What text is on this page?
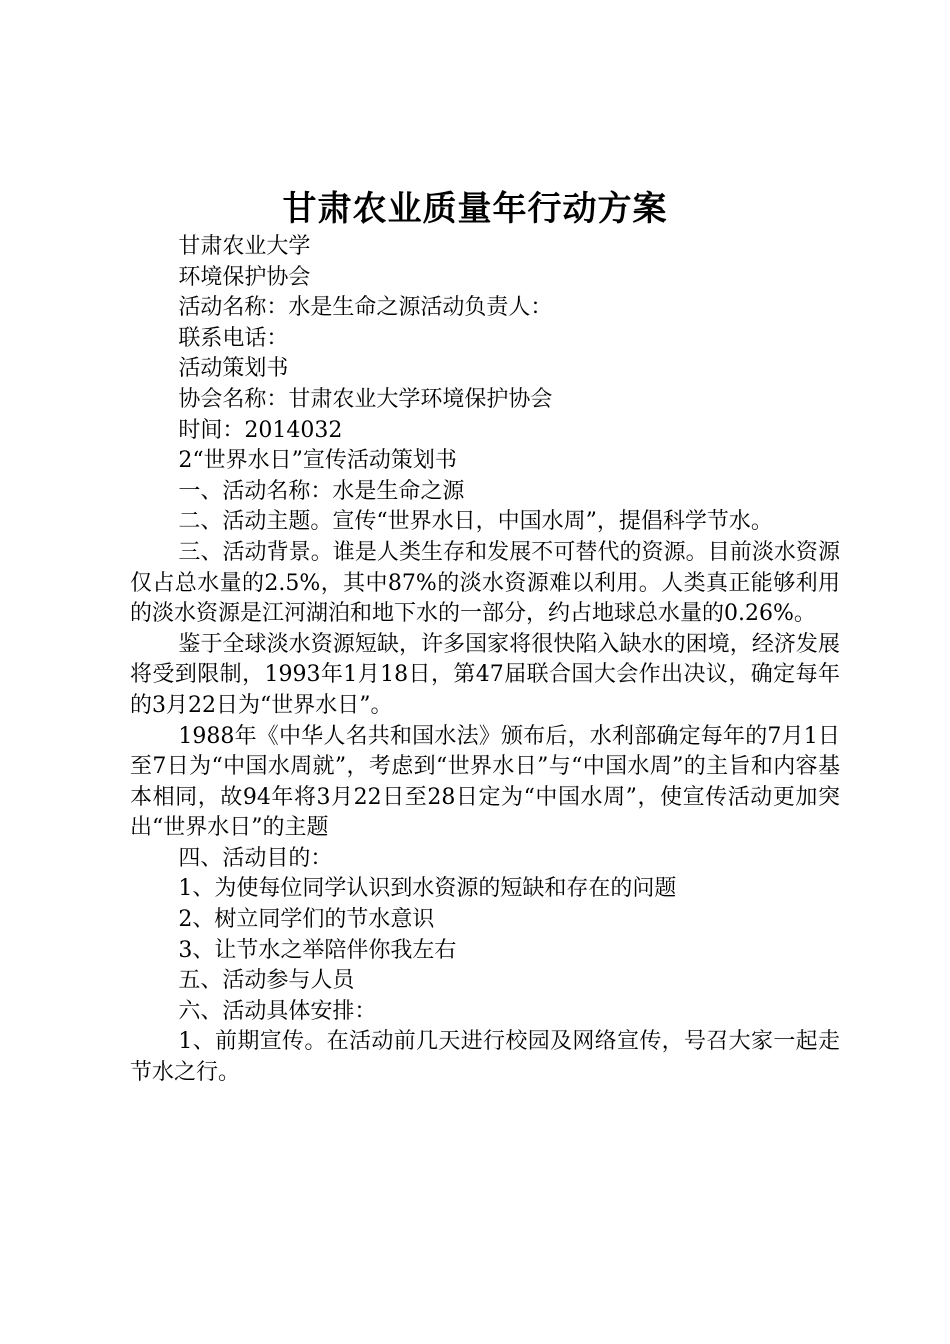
甘肃农业质量年行动方案

甘肃农业大学

环境保护协会

活动名称：水是生命之源活动负责人：

联系电话：

活动策划书

协会名称：甘肃农业大学环境保护协会

时间：2014032

2“世界水日”宣传活动策划书

一、活动名称：水是生命之源

二、活动主题。宣传“世界水日，中国水周”，提倡科学节水。

三、活动背景。谁是人类生存和发展不可替代的资源。目前淡水资源仅占总水量的2.5%，其中87%的淡水资源难以利用。人类真正能够利用的淡水资源是江河湖泊和地下水的一部分，约占地球总水量的0.26%。

鉴于全球淡水资源短缺，许多国家将很快陷入缺水的困境，经济发展将受到限制，1993年1月18日，第47届联合国大会作出决议，确定每年的3月22日为“世界水日”。

1988年《中华人名共和国水法》颁布后，水利部确定每年的7月1日至7日为“中国水周就”，考虑到“世界水日”与“中国水周”的主旨和内容基本相同，故94年将3月22日至28日定为“中国水周”，使宣传活动更加突出“世界水日”的主题

四、活动目的：

1、为使每位同学认识到水资源的短缺和存在的问题

2、树立同学们的节水意识

3、让节水之举陪伴你我左右

五、活动参与人员

六、活动具体安排：

1、前期宣传。在活动前几天进行校园及网络宣传，号召大家一起走节水之行。
